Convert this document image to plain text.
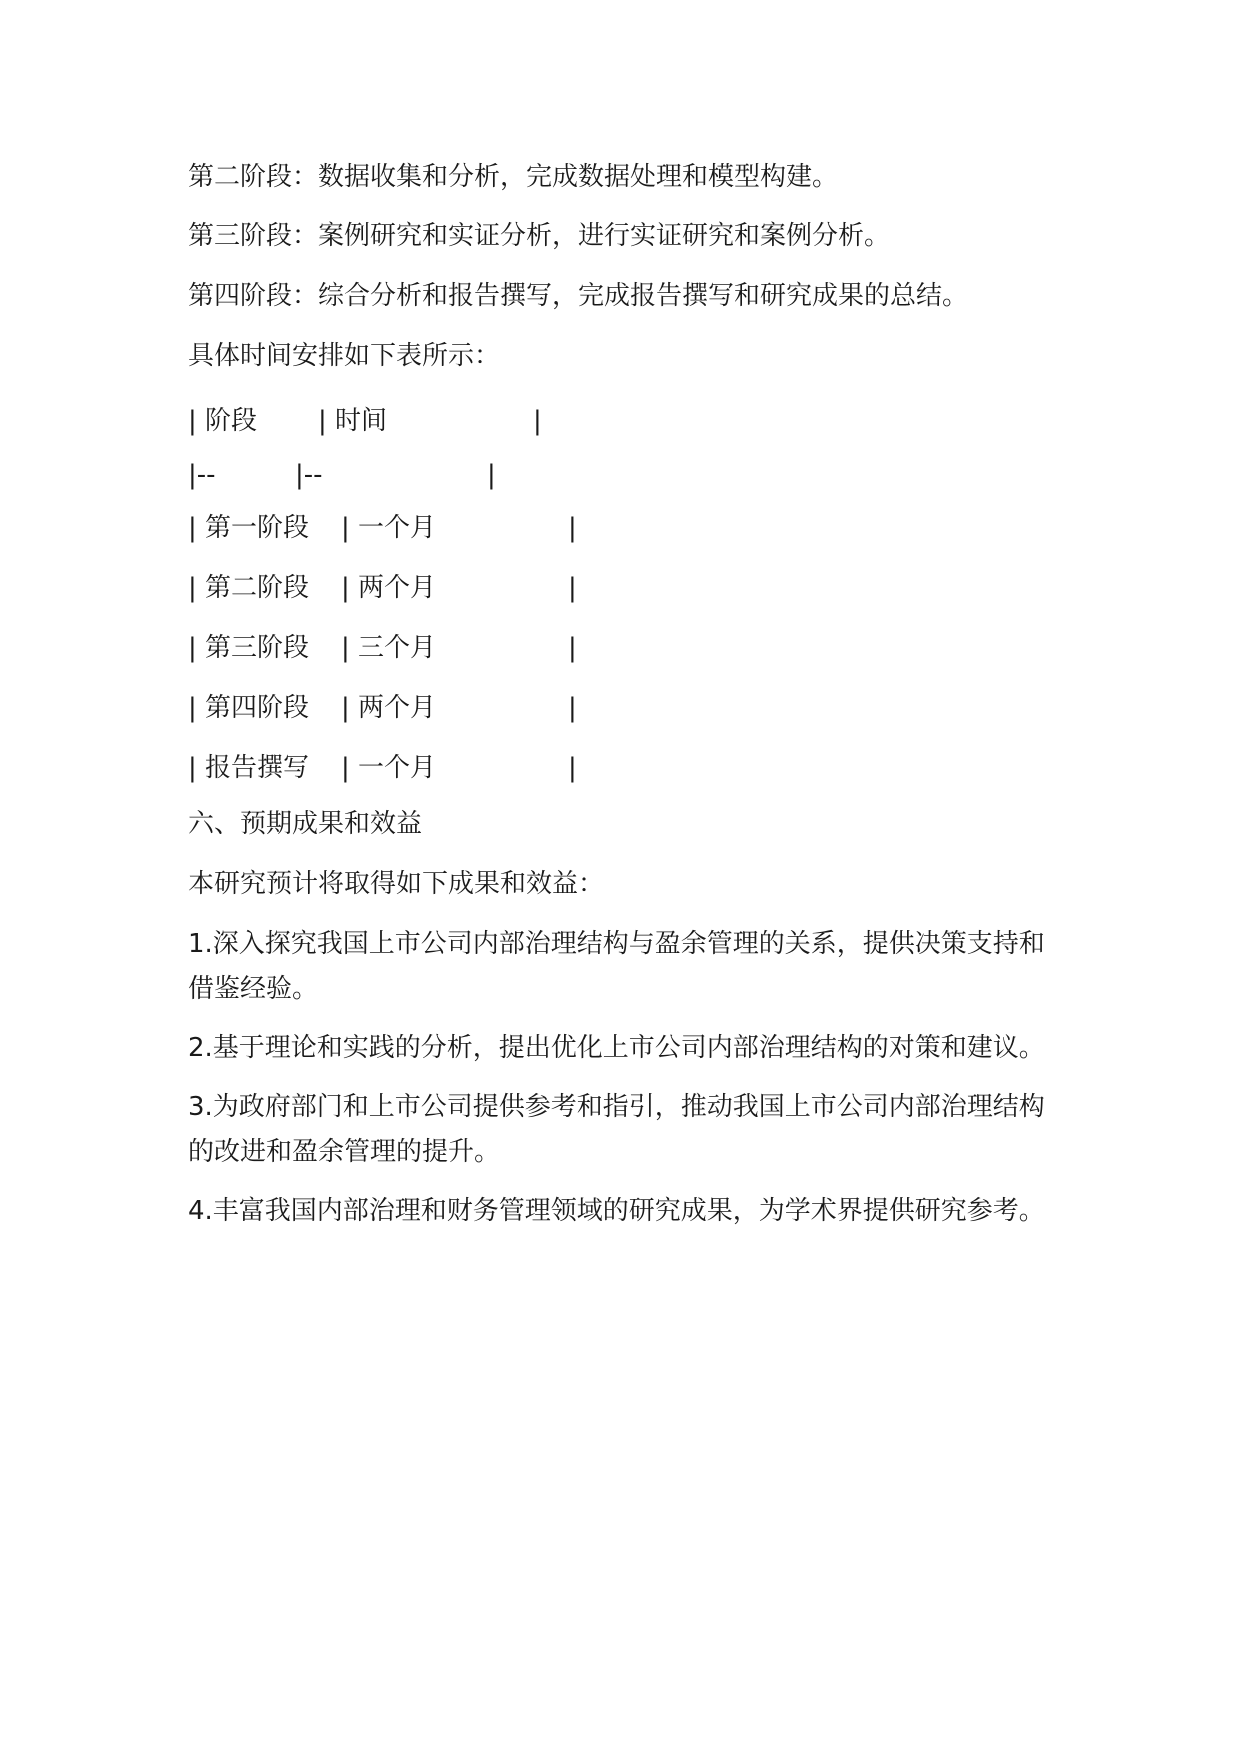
第二阶段：数据收集和分析，完成数据处理和模型构建。

第三阶段：案例研究和实证分析，进行实证研究和案例分析。

第四阶段：综合分析和报告撰写，完成报告撰写和研究成果的总结。

具体时间安排如下表所示：

| 阶段 | 时间	|
|--	|--	|
| 第一阶段 | 一个月	|
| 第二阶段 | 两个月	|
| 第三阶段 | 三个月	|
| 第四阶段 | 两个月	|
| 报告撰写 | 一个月	|

六、预期成果和效益

本研究预计将取得如下成果和效益：

1.深入探究我国上市公司内部治理结构与盈余管理的关系，提供决策支持和借鉴经验。

2.基于理论和实践的分析，提出优化上市公司内部治理结构的对策和建议。

3.为政府部门和上市公司提供参考和指引，推动我国上市公司内部治理结构的改进和盈余管理的提升。

4.丰富我国内部治理和财务管理领域的研究成果，为学术界提供研究参考。
